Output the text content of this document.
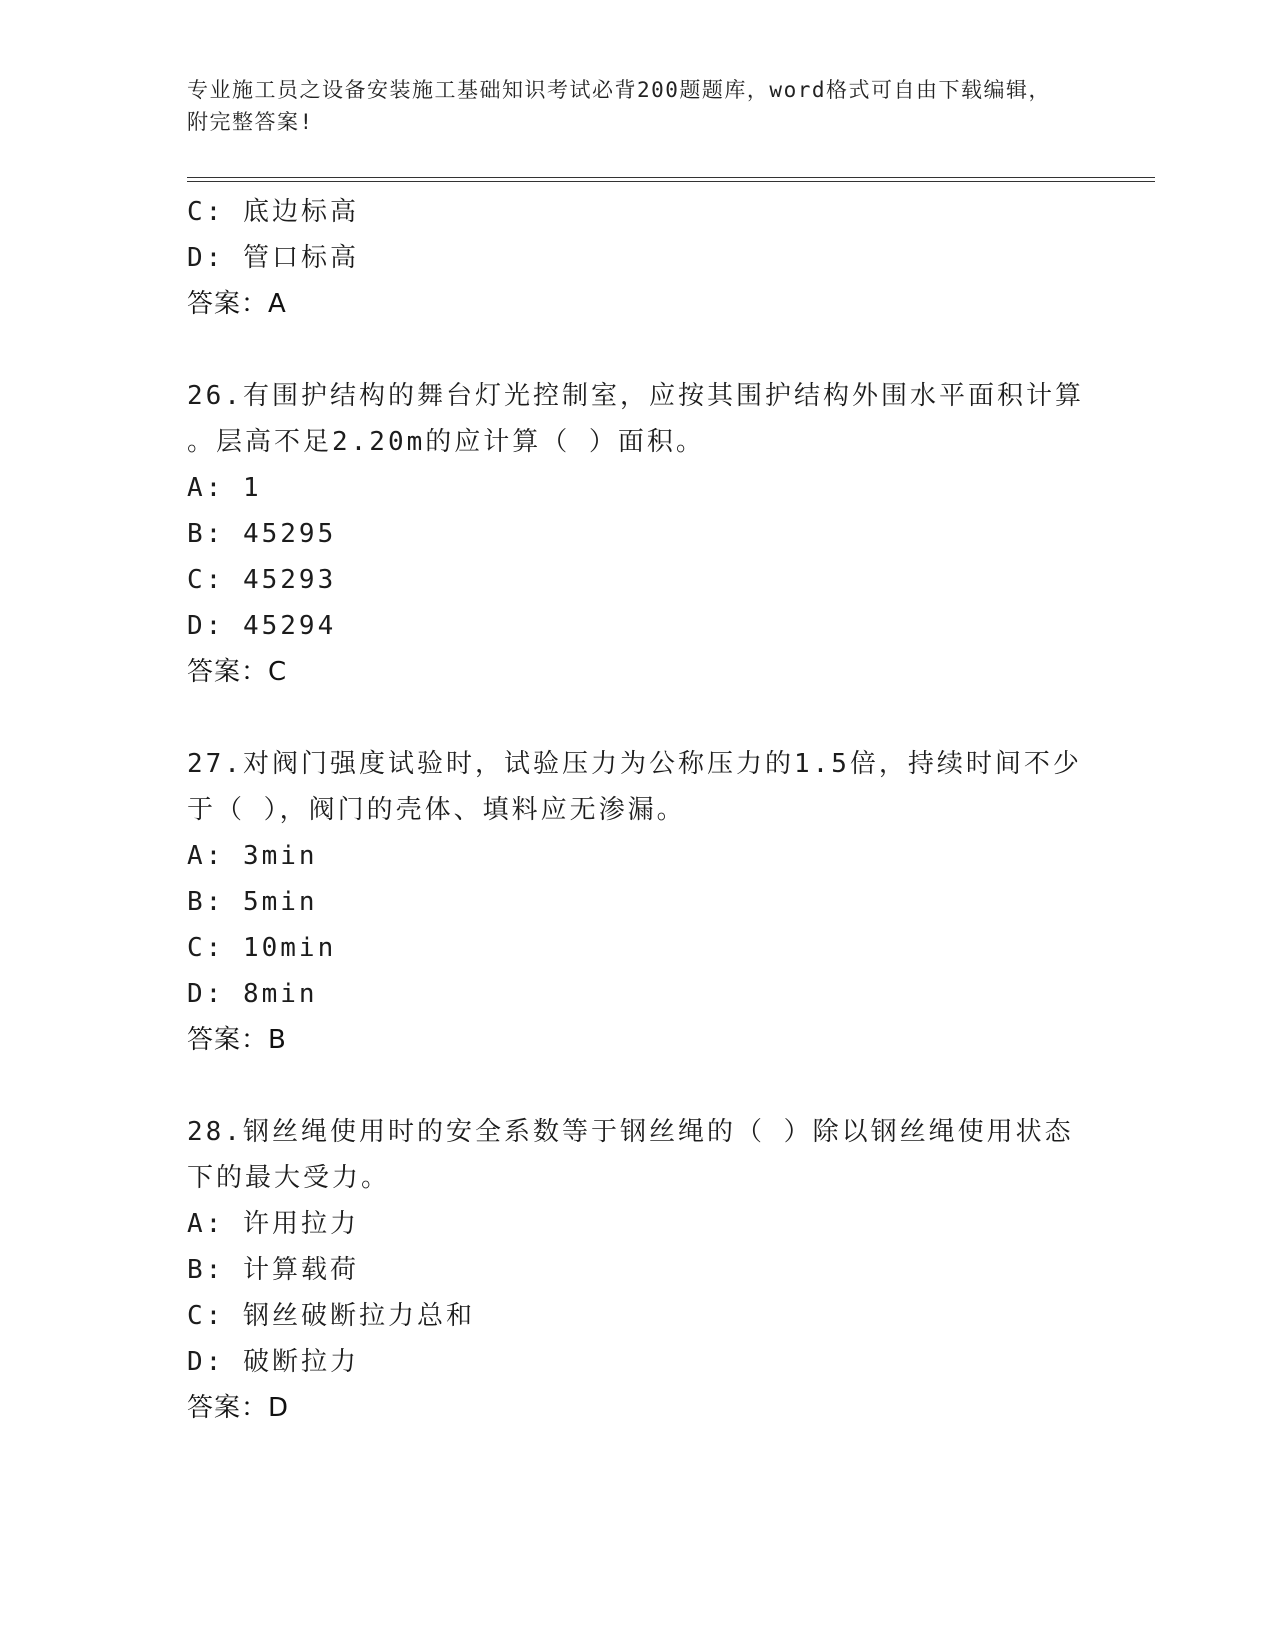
专业施工员之设备安装施工基础知识考试必背200题题库，word格式可自由下载编辑，附完整答案!
C: 底边标高
D: 管口标高
答案：A
26.有围护结构的舞台灯光控制室，应按其围护结构外围水平面积计算
。层高不足2.20m的应计算（ ）面积。
A: 1
B: 45295
C: 45293
D: 45294
答案：C
27.对阀门强度试验时，试验压力为公称压力的1.5倍，持续时间不少
于（ ），阀门的壳体、填料应无渗漏。
A: 3min
B: 5min
C: 10min
D: 8min
答案：B
28.钢丝绳使用时的安全系数等于钢丝绳的（ ）除以钢丝绳使用状态
下的最大受力。
A: 许用拉力
B: 计算载荷
C: 钢丝破断拉力总和
D: 破断拉力
答案：D
